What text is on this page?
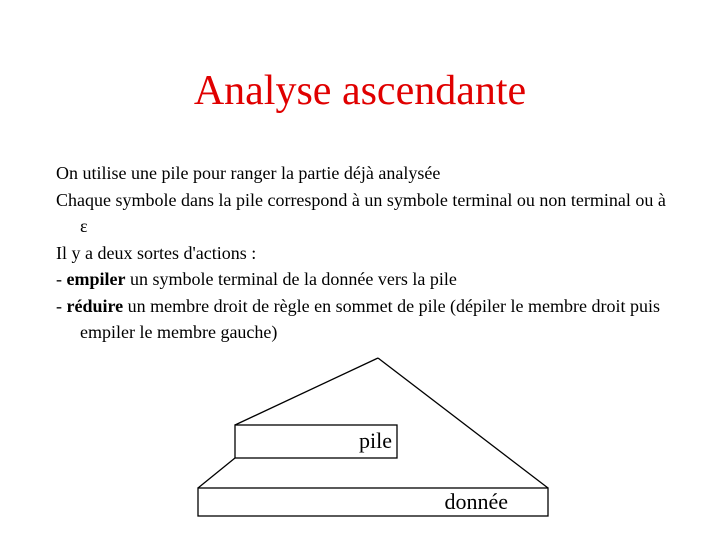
Analyse ascendante
On utilise une pile pour ranger la partie déjà analysée
Chaque symbole dans la pile correspond à un symbole terminal ou non terminal ou à ε
Il y a deux sortes d'actions :
- empiler un symbole terminal de la donnée vers la pile
- réduire un membre droit de règle en sommet de pile (dépiler le membre droit puis empiler le membre gauche)
pile
donnée
